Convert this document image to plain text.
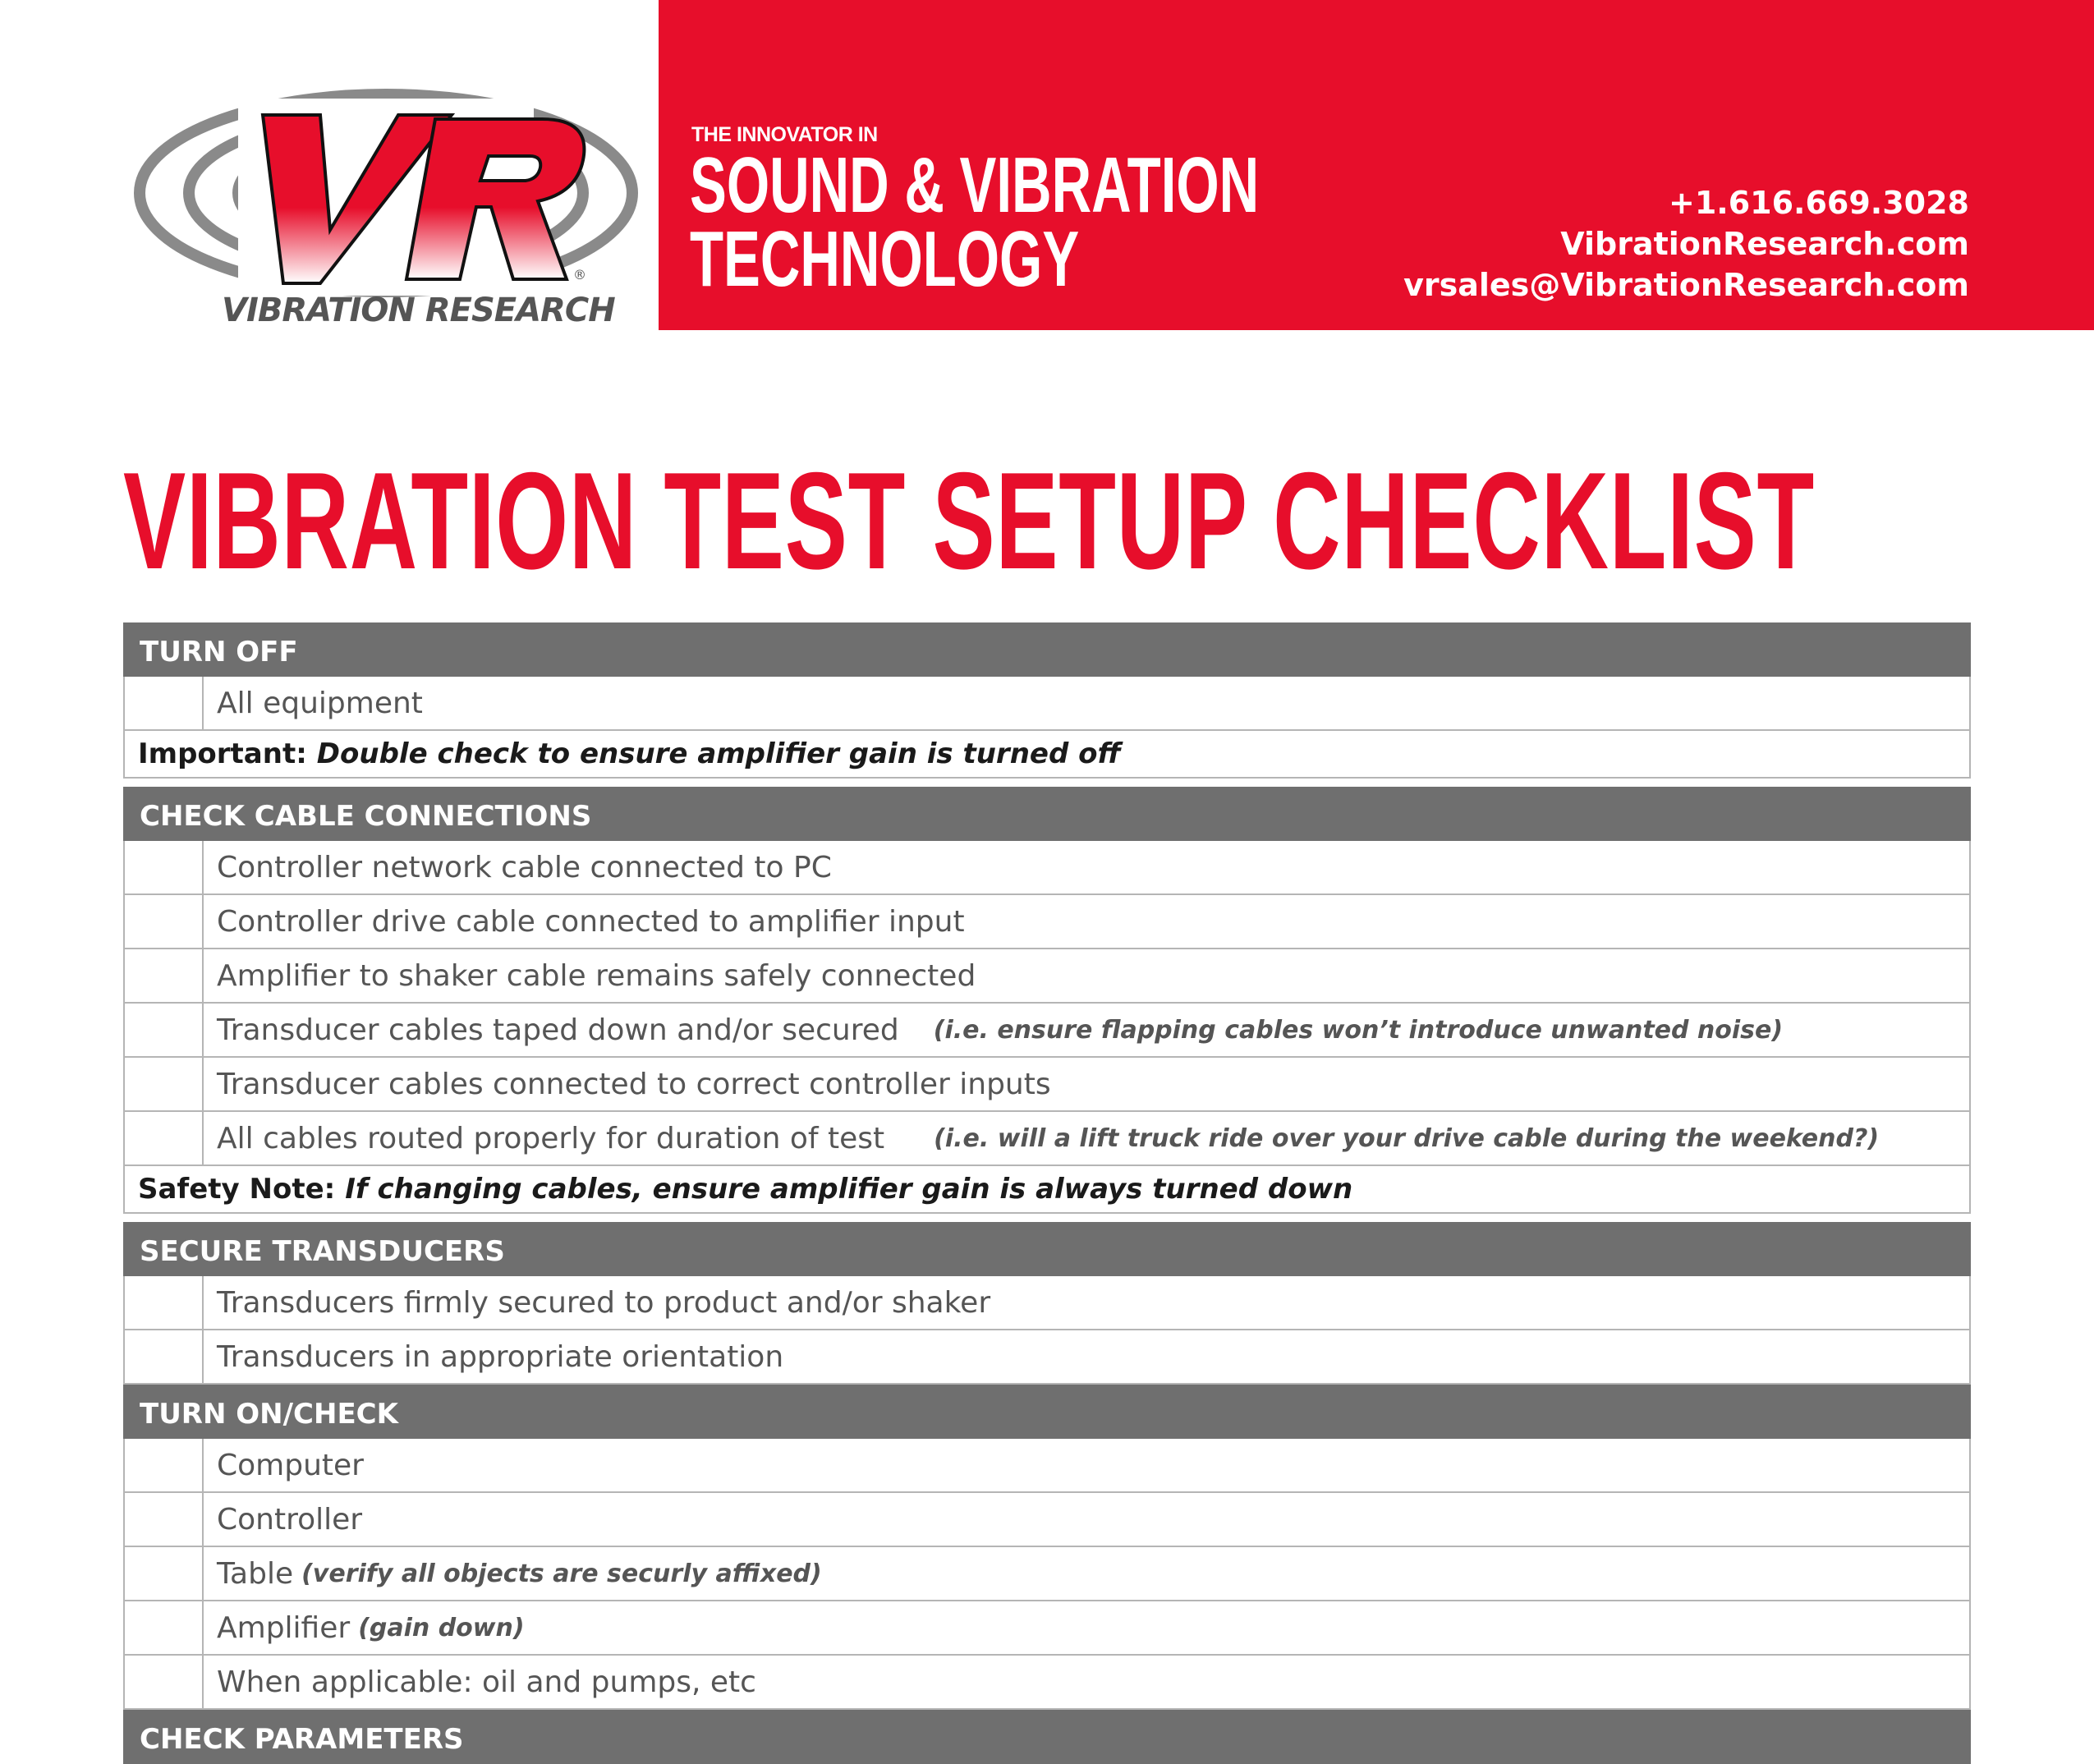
®
VIBRATION RESEARCH
THE INNOVATOR IN
SOUND & VIBRATION
TECHNOLOGY
+1.616.669.3028
VibrationResearch.com
vrsales@VibrationResearch.com
VIBRATION TEST SETUP CHECKLIST
TURN OFF
All equipment
Important: Double check to ensure amplifier gain is turned off
CHECK CABLE CONNECTIONS
Controller network cable connected to PC
Controller drive cable connected to amplifier input
Amplifier to shaker cable remains safely connected
Transducer cables taped down and/or secured (i.e. ensure flapping cables won’t introduce unwanted noise)
Transducer cables connected to correct controller inputs
All cables routed properly for duration of test (i.e. will a lift truck ride over your drive cable during the weekend?)
Safety Note: If changing cables, ensure amplifier gain is always turned down
SECURE TRANSDUCERS
Transducers firmly secured to product and/or shaker
Transducers in appropriate orientation
TURN ON/CHECK
Computer
Controller
Table (verify all objects are securly affixed)
Amplifier (gain down)
When applicable: oil and pumps, etc
CHECK PARAMETERS
